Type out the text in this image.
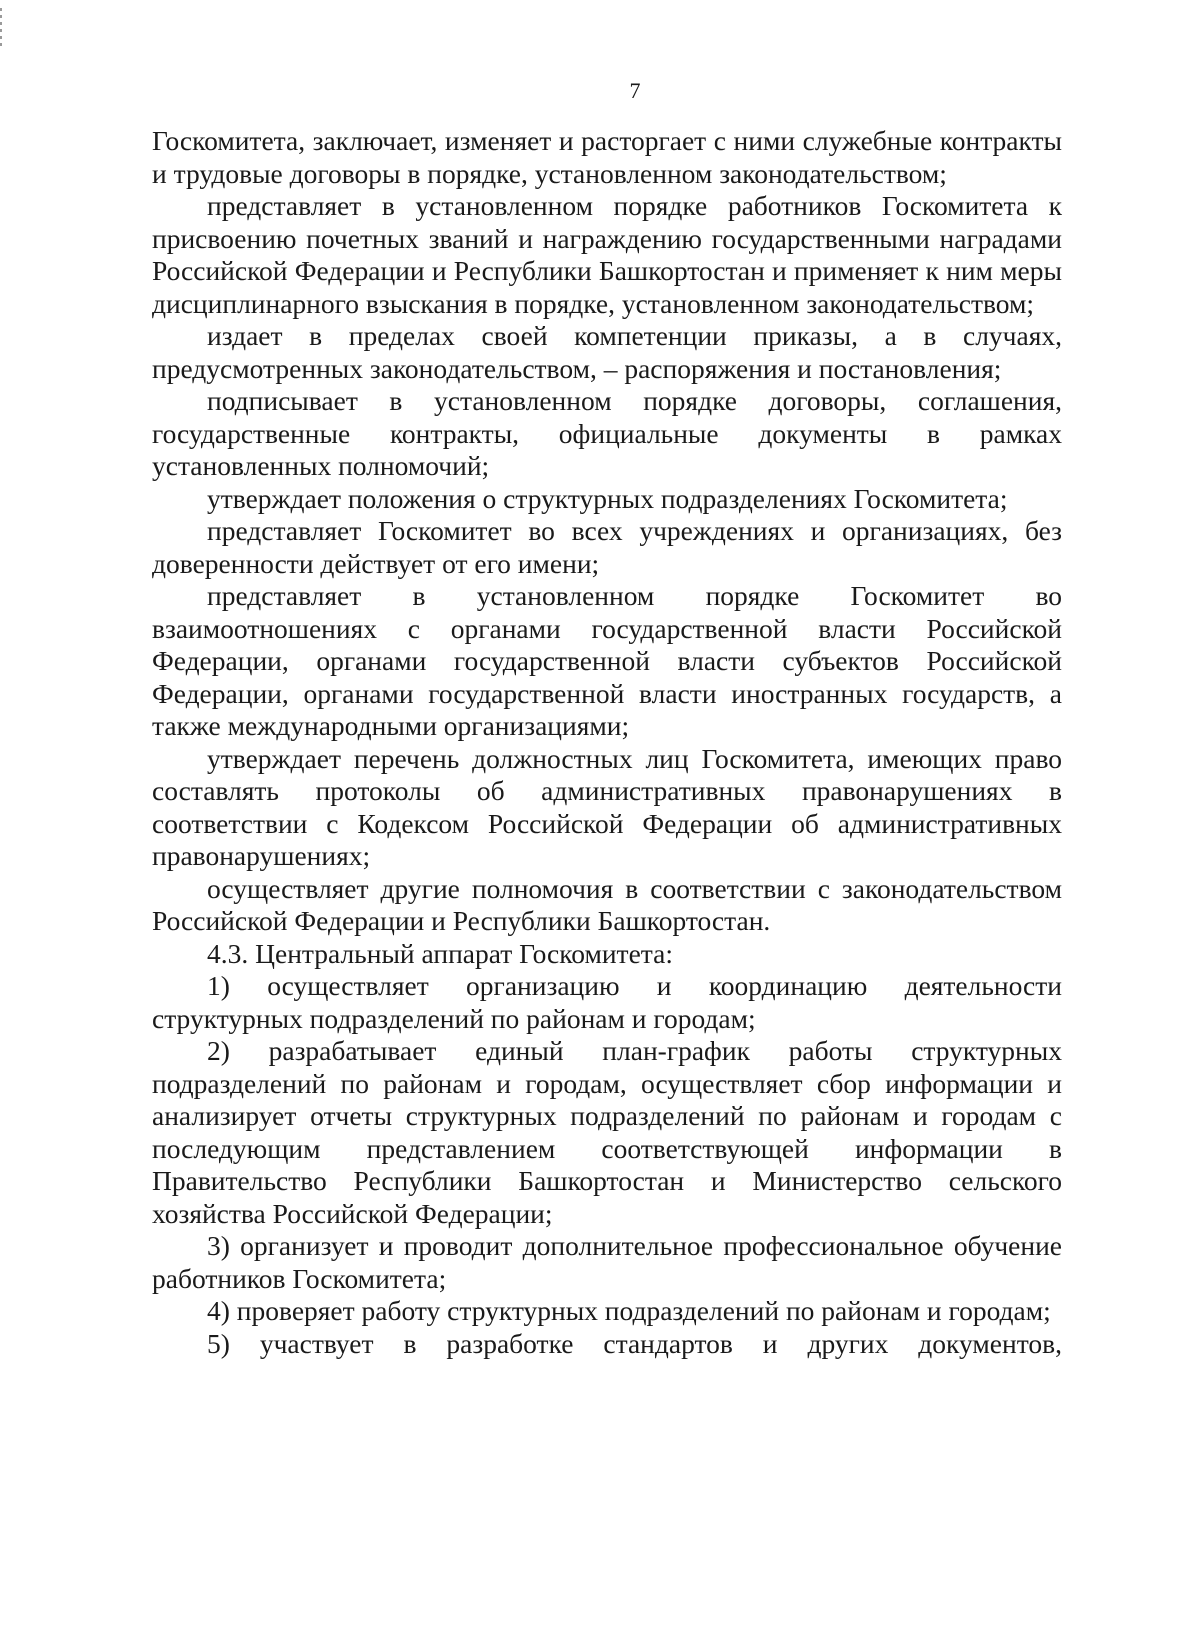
7

Госкомитета, заключает, изменяет и расторгает с ними служебные контракты и трудовые договоры в порядке, установленном законодательством;

представляет в установленном порядке работников Госкомитета к присвоению почетных званий и награждению государственными наградами Российской Федерации и Республики Башкортостан и применяет к ним меры дисциплинарного взыскания в порядке, установленном законодательством;

издает в пределах своей компетенции приказы, а в случаях, предусмотренных законодательством, – распоряжения и постановления;

подписывает в установленном порядке договоры, соглашения, государственные контракты, официальные документы в рамках установленных полномочий;

утверждает положения о структурных подразделениях Госкомитета;

представляет Госкомитет во всех учреждениях и организациях, без доверенности действует от его имени;

представляет в установленном порядке Госкомитет во взаимоотношениях с органами государственной власти Российской Федерации, органами государственной власти субъектов Российской Федерации, органами государственной власти иностранных государств, а также международными организациями;

утверждает перечень должностных лиц Госкомитета, имеющих право составлять протоколы об административных правонарушениях в соответствии с Кодексом Российской Федерации об административных правонарушениях;

осуществляет другие полномочия в соответствии с законодательством Российской Федерации и Республики Башкортостан.

4.3. Центральный аппарат Госкомитета:

1) осуществляет организацию и координацию деятельности структурных подразделений по районам и городам;

2) разрабатывает единый план-график работы структурных подразделений по районам и городам, осуществляет сбор информации и анализирует отчеты структурных подразделений по районам и городам с последующим представлением соответствующей информации в Правительство Республики Башкортостан и Министерство сельского хозяйства Российской Федерации;

3) организует и проводит дополнительное профессиональное обучение работников Госкомитета;

4) проверяет работу структурных подразделений по районам и городам;

5) участвует в разработке стандартов и других документов,
